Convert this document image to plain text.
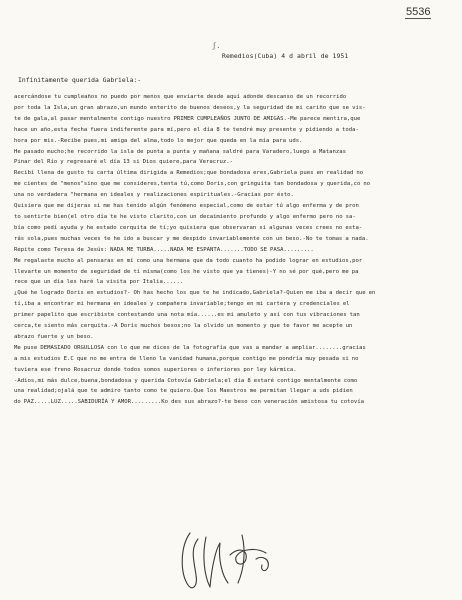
5536
ʃ.
Remedios(Cuba) 4 d abril de 1951
Infinitamente querida Gabriela:-

acercándose tu cumpleaños no puedo por menos que enviarte desde aquí adonde descanso de un recorrido

por toda la Isla,un gran abrazo,un mundo enterito de buenos deseos,y la seguridad de mi cariño que se vis-

te de gala,al pasar mentalmente contigo nuestro PRIMER CUMPLEAÑOS JUNTO DE AMIGAS.-Me parece mentira,que

hace un año,esta fecha fuera indiferente para mí,pero el día 8 te tendré muy presente y pidiendo a toda-

hora por mis.-Recibe pues,mi amiga del alma,todo lo mejor que queda en la mía para uds.

He pasado mucho;he recorrido la isla de punta a punta y mañana saldré para Varadero,luego a Matanzas

Pinar del Río y regresaré el día 13 si Dios quiere,para Veracruz.-

Recibí llena de gusto tu carta última dirigida a Remedios;que bondadosa eres,Gabriela pues en realidad no

me cientes de "menos"sino que me consideres,tenta tú,como Doris,con gringuita tan bondadosa y querida,co no

una no verdadera "hermana en ideales y realizaciones espirituales.-Gracias por ésto.

Quisiera que me dijeras si me has tenido algún fenómeno especial,como de estar tú algo enferma y de pron

to sentirte bien(el otro día te he visto clarito,con un decaimiento profundo y algo enfermo pero no sa-

bía como pedí ayuda y he estado cerquita de tí;yo quisiera que observaran si algunas veces crees no esta-

rás sola,pues muchas veces te he ido a buscar y me despido invariablemente con un beso.-No te tomas a nada.

Repite como Teresa de Jesús: NADA ME TURBA.....NADA ME ESPANTA.......TODO SE PASA.........

Me regalaste mucho al pensaras en mí como una hermana que da todo cuanto ha podido lograr en estudios,por

llevarte un momento de seguridad de tí misma(como los he visto que ya tienes)-Y no sé por qué,pero me pa

rece que un día les haré la visita por Italia......

¿Qué he logrado Doris en estudios?- Oh has hecho los que te he indicado,Gabriela?-Quien me iba a decir que en

tí,iba a encontrar mi hermana en ideales y compañera invariable;tengo en mi cartera y credenciales el

primer papelito que escribiste contestando una nota mía......es mi amuleto y así con tus vibraciones tan

cerca,te siento más cerquita.-A Doris muchos besos;no la olvido un momento y que te favor me acepte un

abrazo fuerte y un beso.

Me puse DEMASIADO ORGULLOSA con lo que me dices de la fotografía que vas a mandar a ampliar........gracias

a mis estudios E.C que no me entra de lleno la vanidad humana,porque contigo me pondría muy pesada si no

tuviera ese freno Rosacruz donde todos somos superiores o inferiores por ley kármica.

-Adios,mi más dulce,buena,bondadosa y querida Cotovía Gabriela;el día 8 estaré contigo mentalmente como

una realidad;ojalá que te admiro tanto como te quiero.Que los Maestros me permitan llegar a uds pidien

do PAZ.....LUZ.....SABIDURÍA Y AMOR.........Ko des sus abrazo?-te beso con veneración amistosa tu cotovía
